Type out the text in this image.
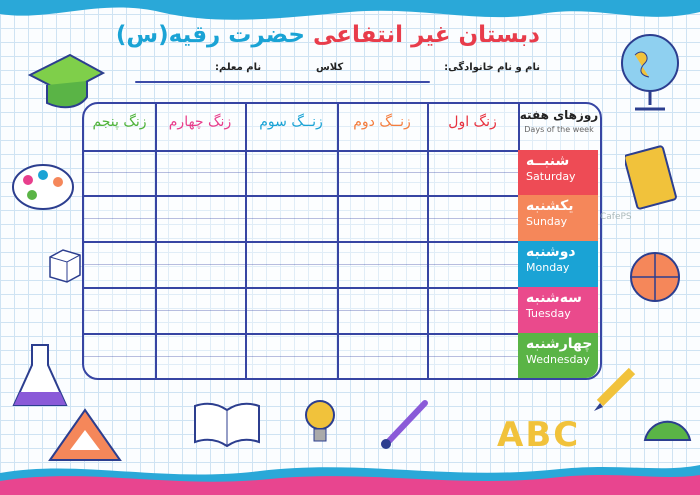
دبستان غیر انتفاعی حضرت رقیه(س)
نام و نام خانوادگی:
کلاس
نام معلم:
زنگ اول
زنــگ دوم
زنــگ سوم
زنگ چهارم
زنگ پنجم
شنبــه
Saturday
یکشنبه
Sunday
دوشنبه
Monday
سه‌شنبه
Tuesday
چهارشنبه
Wednesday
روزهای هفته
Days of the week
ABC
CafePS
